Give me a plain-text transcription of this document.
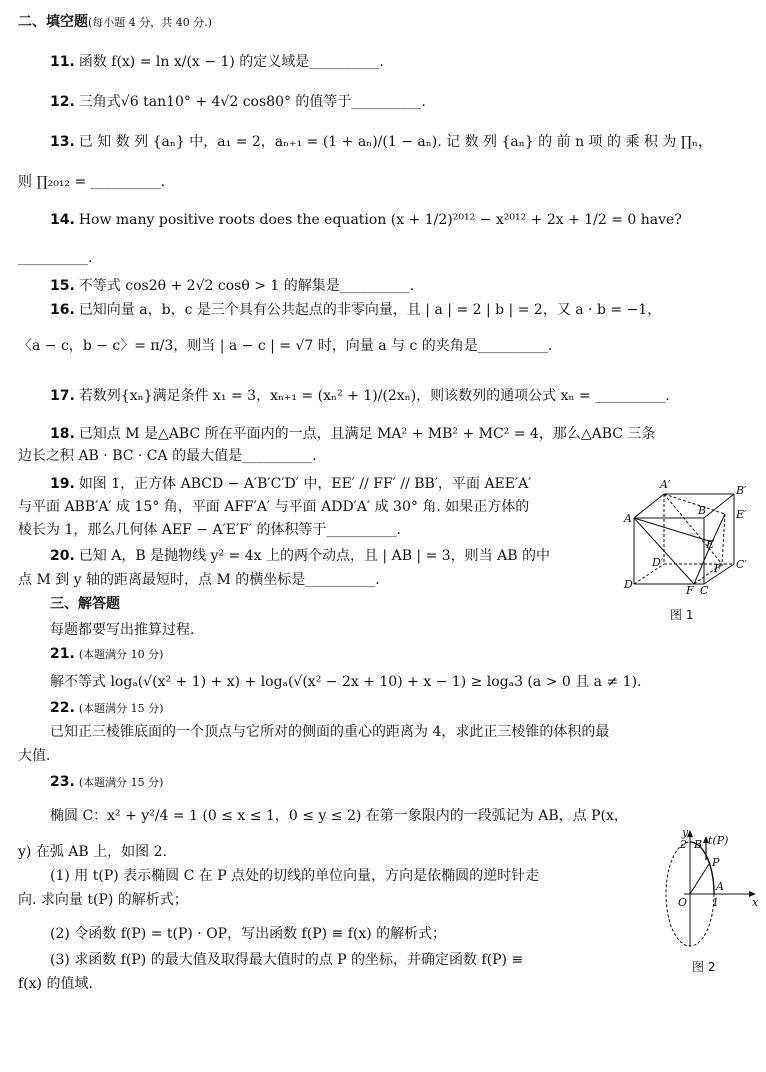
二、填空题(每小题 4 分，共 40 分.)
11. 函数 f(x) = ln x/(x − 1) 的定义域是__________.
12. 三角式√6 tan10° + 4√2 cos80° 的值等于__________.
13. 已 知 数 列 {aₙ} 中，a₁ = 2，aₙ₊₁ = (1 + aₙ)/(1 − aₙ). 记 数 列 {aₙ} 的 前 n 项 的 乘 积 为 ∏ₙ，
则 ∏₂₀₁₂ = __________.
14. How many positive roots does the equation (x + 1/2)²⁰¹² − x²⁰¹² + 2x + 1/2 = 0 have?
__________.
15. 不等式 cos2θ + 2√2 cosθ > 1 的解集是__________.
16. 已知向量 a，b，c 是三个具有公共起点的非零向量，且 | a | = 2 | b | = 2，又 a · b = −1，
〈a − c，b − c〉= π/3，则当 | a − c | = √7 时，向量 a 与 c 的夹角是__________.
17. 若数列{xₙ}满足条件 x₁ = 3，xₙ₊₁ = (xₙ² + 1)/(2xₙ)，则该数列的通项公式 xₙ = __________.
18. 已知点 M 是△ABC 所在平面内的一点，且满足 MA² + MB² + MC² = 4，那么△ABC 三条
边长之积 AB · BC · CA 的最大值是__________.
19. 如图 1，正方体 ABCD − A′B′C′D′ 中，EE′ // FF′ // BB′，平面 AEE′A′
与平面 ABB′A′ 成 15° 角，平面 AFF′A′ 与平面 ADD′A′ 成 30° 角. 如果正方体的
棱长为 1，那么几何体 AEF − A′E′F′ 的体积等于__________.
20. 已知 A，B 是抛物线 y² = 4x 上的两个动点，且 | AB | = 3，则当 AB 的中
点 M 到 y 轴的距离最短时，点 M 的横坐标是__________.
三、解答题
每题都要写出推算过程.
21. (本题满分 10 分)
解不等式 logₐ(√(x² + 1) + x) + logₐ(√(x² − 2x + 10) + x − 1) ≥ logₐ3 (a > 0 且 a ≠ 1).
22. (本题满分 15 分)
已知正三棱锥底面的一个顶点与它所对的侧面的重心的距离为 4，求此正三棱锥的体积的最
大值.
23. (本题满分 15 分)
椭圆 C：x² + y²/4 = 1 (0 ≤ x ≤ 1，0 ≤ y ≤ 2) 在第一象限内的一段弧记为 AB，点 P(x，
y) 在弧 AB 上，如图 2.
(1) 用 t(P) 表示椭圆 C 在 P 点处的切线的单位向量，方向是依椭圆的逆时针走
向. 求向量 t(P) 的解析式；
(2) 令函数 f(P) = t(P) · OP，写出函数 f(P) ≡ f(x) 的解析式；
(3) 求函数 f(P) 的最大值及取得最大值时的点 P 的坐标，并确定函数 f(P) ≡
f(x) 的值域.
A′	B′
A
B	E′
E
D′	F′ C′
D	F C
图 1
y
2 B t(P)
P
O
A
1	x
图 2
